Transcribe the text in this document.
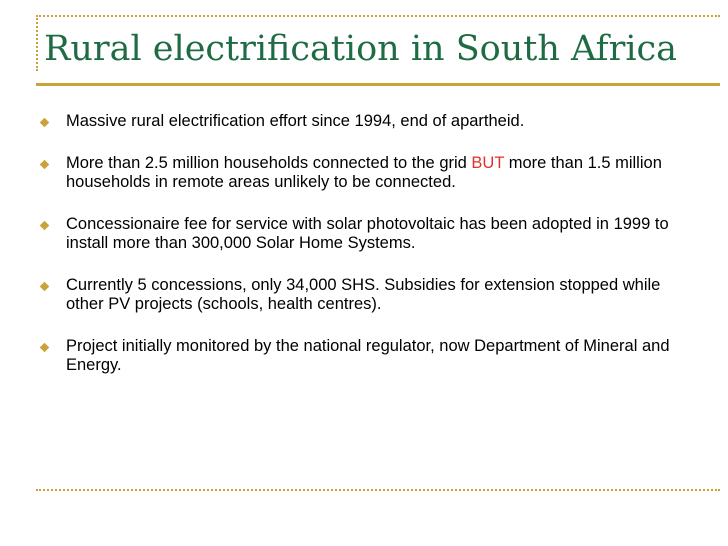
Rural electrification in South Africa
Massive rural electrification effort since 1994, end of apartheid.
More than 2.5 million households connected to the grid BUT more than 1.5 million households in remote areas unlikely to be connected.
Concessionaire fee for service with solar photovoltaic has been adopted in 1999 to install more than 300,000 Solar Home Systems.
Currently 5 concessions, only 34,000 SHS. Subsidies for extension stopped while other PV projects (schools, health centres).
Project initially monitored by the national regulator, now Department of Mineral and Energy.
